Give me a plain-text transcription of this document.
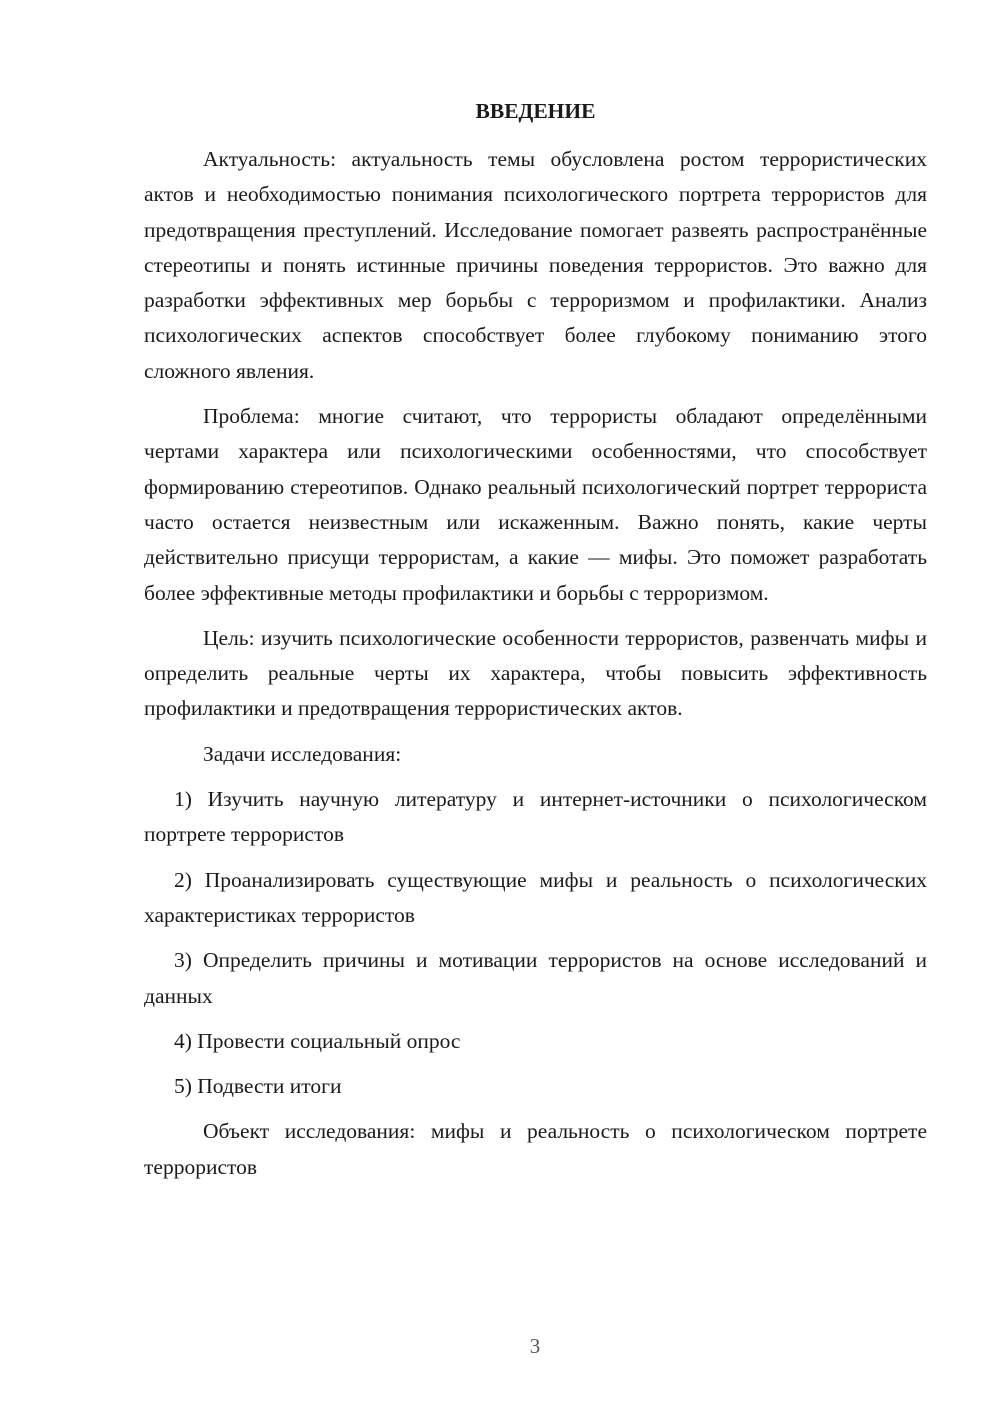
ВВЕДЕНИЕ

Актуальность: актуальность темы обусловлена ростом террористических актов и необходимостью понимания психологического портрета террористов для предотвращения преступлений. Исследование помогает развеять распространённые стереотипы и понять истинные причины поведения террористов. Это важно для разработки эффективных мер борьбы с терроризмом и профилактики. Анализ психологических аспектов способствует более глубокому пониманию этого сложного явления.

Проблема: многие считают, что террористы обладают определёнными чертами характера или психологическими особенностями, что способствует формированию стереотипов. Однако реальный психологический портрет террориста часто остается неизвестным или искаженным. Важно понять, какие черты действительно присущи террористам, а какие — мифы. Это поможет разработать более эффективные методы профилактики и борьбы с терроризмом.

Цель: изучить психологические особенности террористов, развенчать мифы и определить реальные черты их характера, чтобы повысить эффективность профилактики и предотвращения террористических актов.

Задачи исследования:

1) Изучить научную литературу и интернет-источники о психологическом портрете террористов

2) Проанализировать существующие мифы и реальность о психологических характеристиках террористов

3) Определить причины и мотивации террористов на основе исследований и данных

4) Провести социальный опрос

5) Подвести итоги

Объект исследования: мифы и реальность о психологическом портрете террористов

3
